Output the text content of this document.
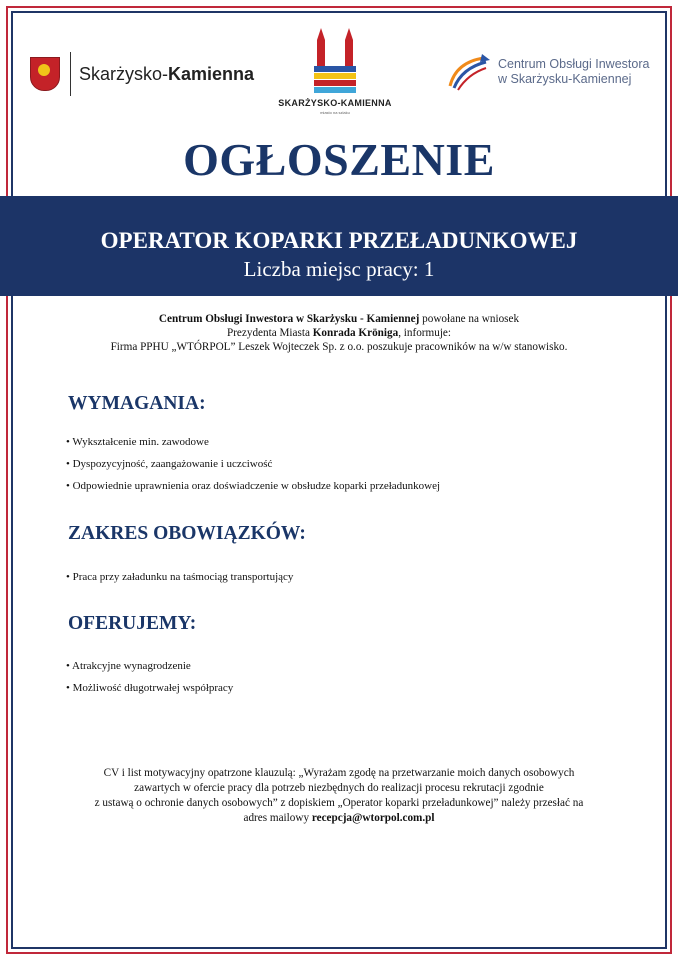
Skarżysko-Kamienna
SKARŻYSKO-KAMIENNA
miasto na szlaku
Centrum Obsługi Inwestora
w Skarżysku-Kamiennej
OGŁOSZENIE
OPERATOR KOPARKI PRZEŁADUNKOWEJ
Liczba miejsc pracy: 1
Centrum Obsługi Inwestora w Skarżysku - Kamiennej powołane na wniosek
Prezydenta Miasta Konrada Kröniga, informuje:
Firma PPHU „WTÓRPOL” Leszek Wojteczek Sp. z o.o. poszukuje pracowników na w/w stanowisko.
WYMAGANIA:
• Wykształcenie min. zawodowe
• Dyspozycyjność, zaangażowanie i uczciwość
• Odpowiednie uprawnienia oraz doświadczenie w obsłudze koparki przeładunkowej
ZAKRES OBOWIĄZKÓW:
• Praca przy załadunku na taśmociąg transportujący
OFERUJEMY:
• Atrakcyjne wynagrodzenie
• Możliwość długotrwałej współpracy
CV i list motywacyjny opatrzone klauzulą: „Wyrażam zgodę na przetwarzanie moich danych osobowych
zawartych w ofercie pracy dla potrzeb niezbędnych do realizacji procesu rekrutacji zgodnie
z ustawą o ochronie danych osobowych” z dopiskiem „Operator koparki przeładunkowej” należy przesłać na
adres mailowy recepcja@wtorpol.com.pl
